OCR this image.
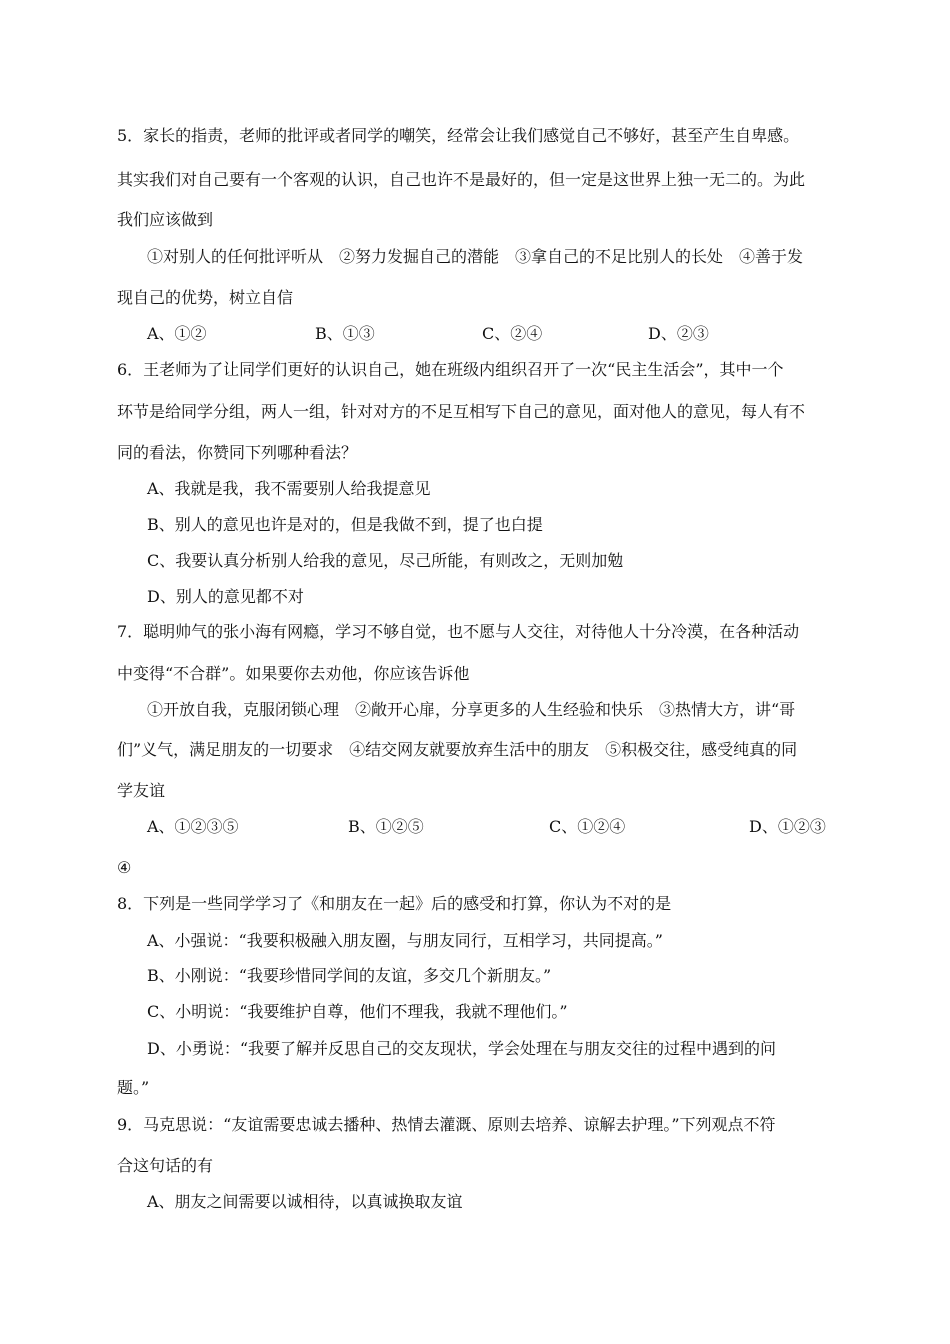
5．家长的指责，老师的批评或者同学的嘲笑，经常会让我们感觉自己不够好，甚至产生自卑感。
其实我们对自己要有一个客观的认识，自己也许不是最好的，但一定是这世界上独一无二的。为此
我们应该做到
①对别人的任何批评听从　②努力发掘自己的潜能　③拿自己的不足比别人的长处　④善于发
现自己的优势，树立自信
A、①②	B、①③	C、②④	D、②③
6．王老师为了让同学们更好的认识自己，她在班级内组织召开了一次“民主生活会”，其中一个
环节是给同学分组，两人一组，针对对方的不足互相写下自己的意见，面对他人的意见，每人有不
同的看法，你赞同下列哪种看法？
A、我就是我，我不需要别人给我提意见
B、别人的意见也许是对的，但是我做不到，提了也白提
C、我要认真分析别人给我的意见，尽己所能，有则改之，无则加勉
D、别人的意见都不对
7．聪明帅气的张小海有网瘾，学习不够自觉，也不愿与人交往，对待他人十分冷漠，在各种活动
中变得“不合群”。如果要你去劝他，你应该告诉他
①开放自我，克服闭锁心理　②敞开心扉，分享更多的人生经验和快乐　③热情大方，讲“哥
们”义气，满足朋友的一切要求　④结交网友就要放弃生活中的朋友　⑤积极交往，感受纯真的同
学友谊
A、①②③⑤	B、①②⑤	C、①②④	D、①②③
④
8．下列是一些同学学习了《和朋友在一起》后的感受和打算，你认为不对的是
A、小强说：“我要积极融入朋友圈，与朋友同行，互相学习，共同提高。”
B、小刚说：“我要珍惜同学间的友谊，多交几个新朋友。”
C、小明说：“我要维护自尊，他们不理我，我就不理他们。”
D、小勇说：“我要了解并反思自己的交友现状，学会处理在与朋友交往的过程中遇到的问
题。”
9．马克思说：“友谊需要忠诚去播种、热情去灌溉、原则去培养、谅解去护理。”下列观点不符
合这句话的有
A、朋友之间需要以诚相待，以真诚换取友谊
